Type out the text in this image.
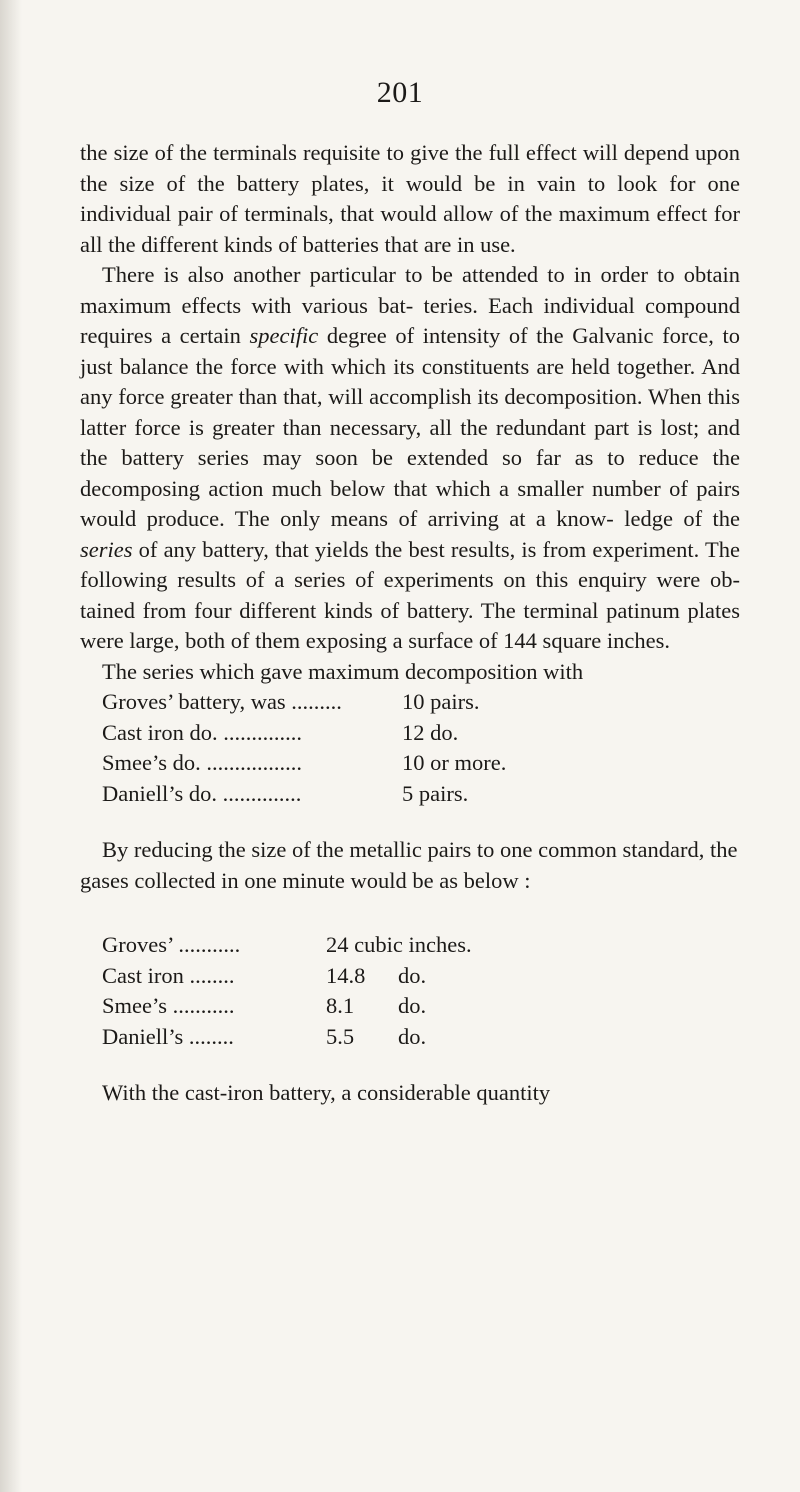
201

the size of the terminals requisite to give the full effect will depend upon the size of the battery plates, it would be in vain to look for one individual pair of terminals, that would allow of the maximum effect for all the different kinds of batteries that are in use.

There is also another particular to be attended to in order to obtain maximum effects with various bat- teries. Each individual compound requires a certain specific degree of intensity of the Galvanic force, to just balance the force with which its constituents are held together. And any force greater than that, will accomplish its decomposition. When this latter force is greater than necessary, all the redundant part is lost; and the battery series may soon be extended so far as to reduce the decomposing action much below that which a smaller number of pairs would produce. The only means of arriving at a know- ledge of the series of any battery, that yields the best results, is from experiment. The following results of a series of experiments on this enquiry were ob- tained from four different kinds of battery. The terminal patinum plates were large, both of them exposing a surface of 144 square inches.

The series which gave maximum decomposition with

Groves’ battery, was .........	10 pairs.
Cast iron do. ..............	12 do.
Smee’s do. .................	10 or more.
Daniell’s do. ..............	5 pairs.

By reducing the size of the metallic pairs to one common standard, the gases collected in one minute would be as below :

Groves’ ...........	24 cubic inches.
Cast iron ........	14.8	do.
Smee’s ...........	8.1	do.
Daniell’s ........	5.5	do.

With the cast-iron battery, a considerable quantity
